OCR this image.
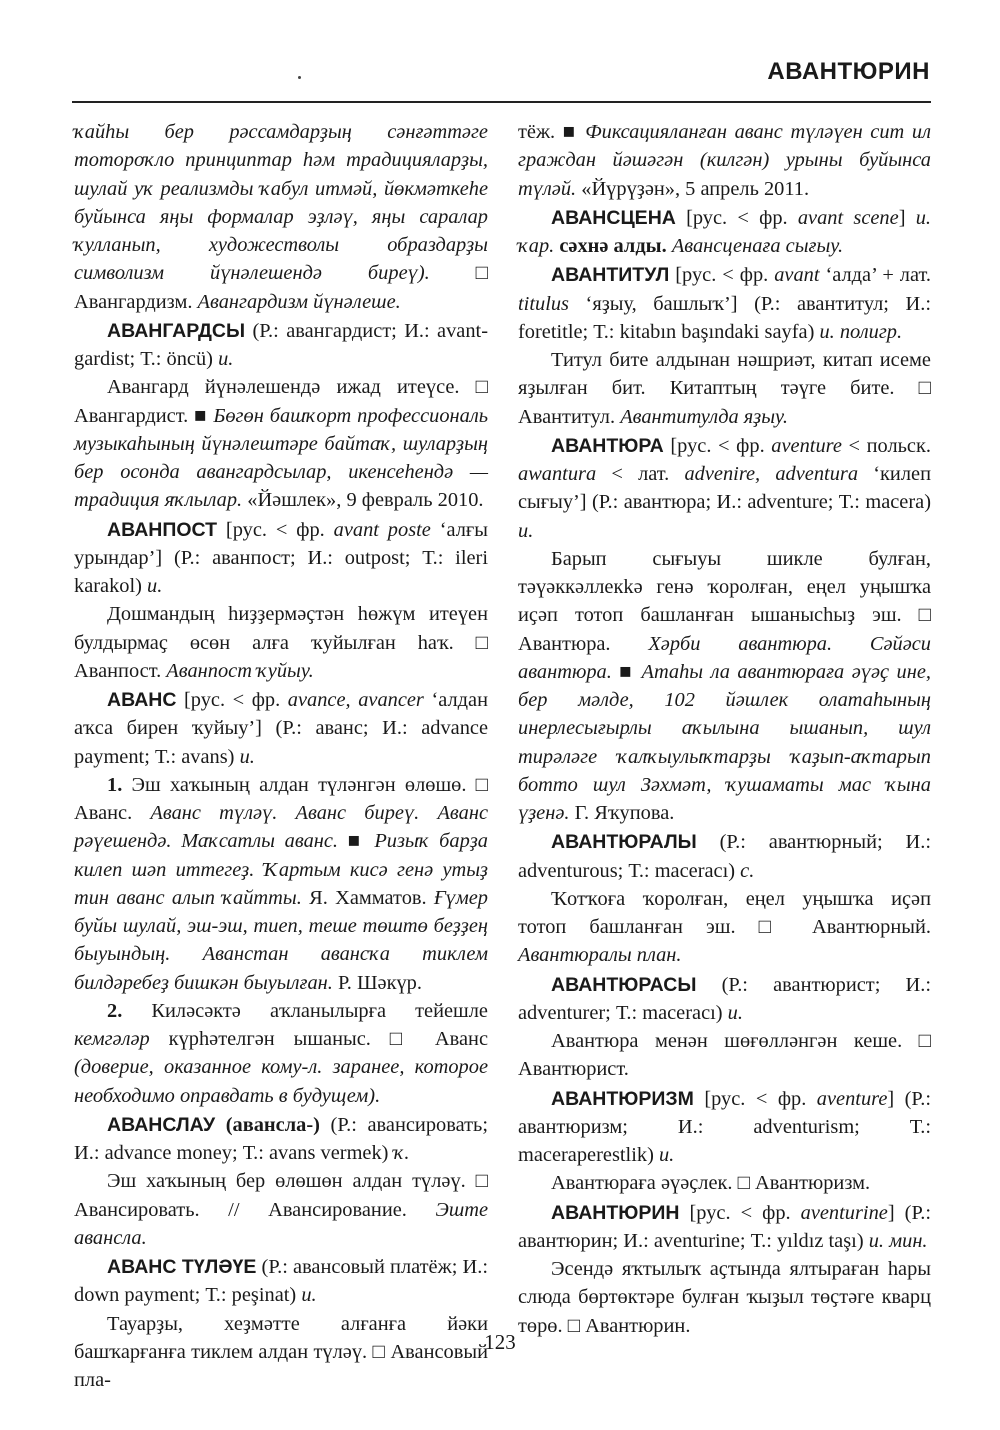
АВАНТЮРИН

ҡайһы бер рәссамдарҙың сәнғәттәге тотороҡло принциптар һәм традицияларҙы, шулай уҡ реализмды ҡабул итмәй, йөкмәткеһе буйынса яңы формалар эҙләү, яңы саралар ҡулланып, художестволы образдарҙы символизм йүнәлешендә биреү). □ Авангардизм. Авангардизм йүнәлеше.

АВАНГАРДСЫ (Р.: авангардист; И.: avant-gardist; Т.: öncü) и.

Авангард йүнәлешендә ижад итеүсе. □ Авангардист. ■ Бөгөн башҡорт профессиональ музыкаһының йүнәлештәре байтаҡ, шуларҙың бер осонда авангардсылар, икенсеһендә — традиция яҡлылар. «Йәшлек», 9 февраль 2010.

АВАНПОСТ [рус. < фр. avant poste ‘алғы урындар’] (Р.: аванпост; И.: outpost; Т.: ileri karakol) и.

Дошмандың һиҙҙермәҫтән һөжүм итеүен булдырмаҫ өсөн алға ҡуйылған һаҡ. □ Аванпост. Аванпост ҡуйыу.

АВАНС [рус. < фр. avance, avancer ‘алдан аҡса бирен ҡуйыу’] (Р.: аванс; И.: advance payment; Т.: avans) и.

1. Эш хаҡының алдан түләнгән өлөшө. □ Аванс. Аванс түләү. Аванс биреү. Аванс рәүешендә. Маҡсатлы аванс. ■ Ризыҡ барҙа килеп шәп иттегеҙ. Ҡартым кисә генә утыҙ тин аванс алып ҡайтты. Я. Хамматов. Ғүмер буйы шулай, эш-эш, тиеп, теше төштө беҙҙең быуындың. Аванстан авансҡа тиклем билдәребеҙ бишкән быуылған. Р. Шәкүр.

2. Киләсәктә аҡланылырға тейешле кемгәләр күрһәтелгән ышаныс. □ Аванс (доверие, оказанное кому-л. заранее, которое необходимо оправдать в будущем).

АВАНСЛАУ (авансла-) (Р.: авансировать; И.: advance money; Т.: avans vermek) ҡ.

Эш хаҡының бер өлөшөн алдан түләү. □ Авансировать. // Авансирование. Эште авансла.

АВАНС ТҮЛӘҮЕ (Р.: авансовый платёж; И.: down payment; Т.: peşinat) и.

Тауарҙы, хеҙмәтте алғанға йәки башҡарғанға тиклем алдан түләү. □ Авансовый пла-

тёж. ■ Фиксацияланған аванс түләүен сит ил граждан йәшәгән (килгән) урыны буйынса түләй. «Йүрүҙән», 5 апрель 2011.

АВАНСЦЕНА [рус. < фр. avant scene] и. ҡар. сәхнә алды. Авансценаға сығыу.

АВАНТИТУЛ [рус. < фр. avant ‘алда’ + лат. titulus ‘яҙыу, башлыҡ’] (Р.: авантитул; И.: foretitle; Т.: kitabın başındaki sayfa) и. полигр.

Титул бите алдынан нәшриәт, китап исеме яҙылған бит. Китаптың тәүге бите. □ Авантитул. Авантитулда яҙыу.

АВАНТЮРА [рус. < фр. aventure < польск. awantura < лат. advenire, adventura ‘килеп сығыу’] (Р.: авантюра; И.: adventure; Т.: macera) и.

Барып сығыуы шикле булған, тәүәккәллекkә генә ҡоролған, еңел уңышҡа иҫәп тотоп башланған ышаныcһыҙ эш. □ Авантюра. Хәрби авантюра. Сәйәси авантюра. ■ Атаһы ла авантюраға әүәҫ ине, бер мәлде, 102 йәшлек олатаһының инерлесығырлы аҡылына ышанып, шул тирәләге ҡалҡыулыҡтарҙы ҡаҙып-аҡтарып ботто шул Зәхмәт, ҡушаматы мас ҡына үҙенә. Г. Яҡупова.

АВАНТЮРАЛЫ (Р.: авантюрный; И.: adventurous; Т.: maceracı) с.

Ҡотҡоға ҡоролған, еңел уңышҡа иҫәп тотоп башланған эш. □ Авантюрный. Авантюралы план.

АВАНТЮРАСЫ (Р.: авантюрист; И.: adventurer; Т.: maceracı) и.

Авантюра менән шөғөлләнгән кеше. □ Авантюрист.

АВАНТЮРИЗМ [рус. < фр. aventure] (Р.: авантюризм; И.: adventurism; Т.: maceraperestlik) и.

Авантюраға әүәҫлек. □ Авантюризм.

АВАНТЮРИН [рус. < фр. aventurine] (Р.: авантюрин; И.: aventurine; Т.: yıldız taşı) и. мин.

Эсендә яҡтылыҡ аҫтында ялтыраған һары слюда бөртөктәре булған ҡыҙыл төҫтәге кварц төрө. □ Авантюрин.

123
